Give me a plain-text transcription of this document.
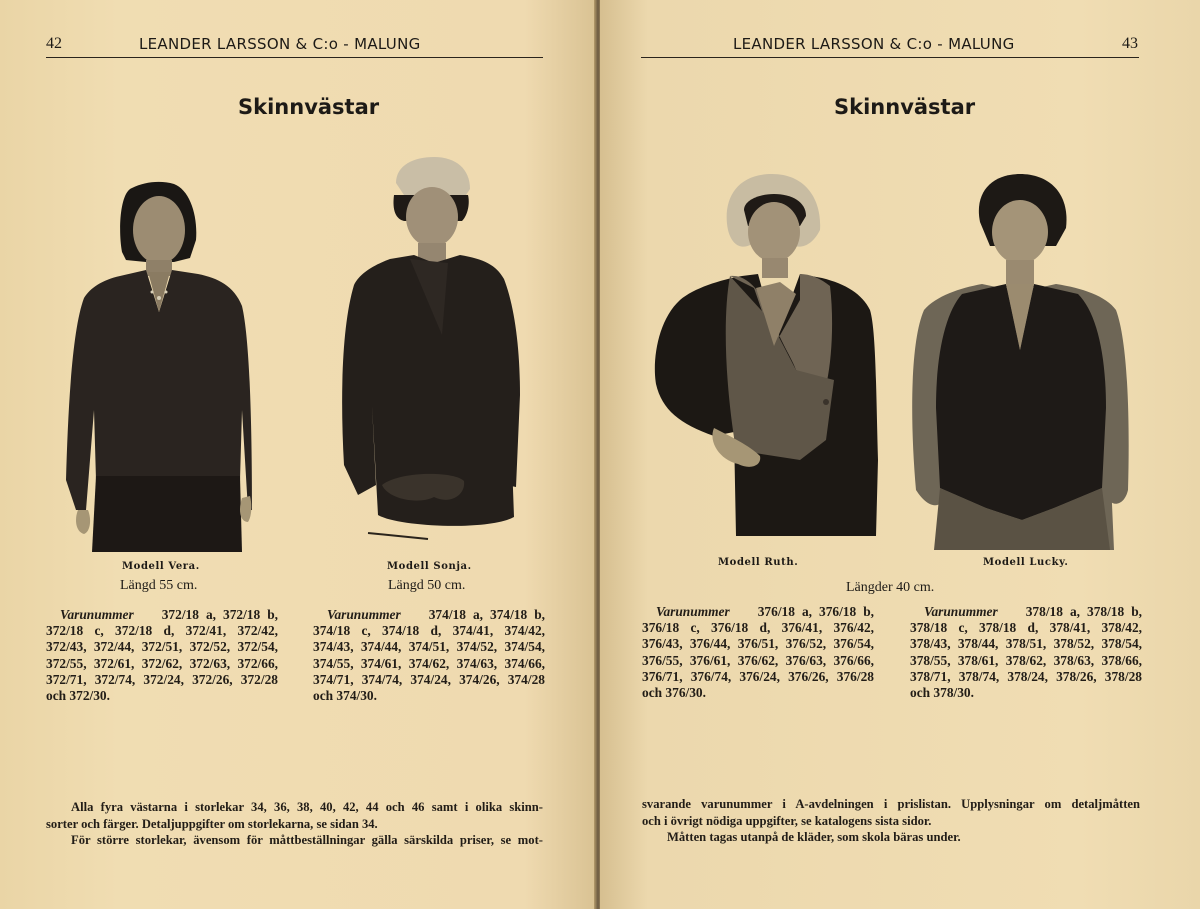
42	LEANDER LARSSON & C:o - MALUNG
Skinnvästar
Modell Vera.
Längd 55 cm.
Modell Sonja.
Längd 50 cm.
Varunummer 372/18 a, 372/18 b,
372/18 c, 372/18 d, 372/41, 372/42,
372/43, 372/44, 372/51, 372/52, 372/54,
372/55, 372/61, 372/62, 372/63, 372/66,
372/71, 372/74, 372/24, 372/26, 372/28
och 372/30.
Varunummer 374/18 a, 374/18 b,
374/18 c, 374/18 d, 374/41, 374/42,
374/43, 374/44, 374/51, 374/52, 374/54,
374/55, 374/61, 374/62, 374/63, 374/66,
374/71, 374/74, 374/24, 374/26, 374/28
och 374/30.
Alla fyra västarna i storlekar 34, 36, 38, 40, 42, 44 och 46 samt i olika skinn-
sorter och färger. Detaljuppgifter om storlekarna, se sidan 34.
För större storlekar, ävensom för måttbeställningar gälla särskilda priser, se mot-
LEANDER LARSSON & C:o - MALUNG	43
Skinnvästar
Modell Ruth.	Modell Lucky.
Längder 40 cm.
Varunummer 376/18 a, 376/18 b,
376/18 c, 376/18 d, 376/41, 376/42,
376/43, 376/44, 376/51, 376/52, 376/54,
376/55, 376/61, 376/62, 376/63, 376/66,
376/71, 376/74, 376/24, 376/26, 376/28
och 376/30.
Varunummer 378/18 a, 378/18 b,
378/18 c, 378/18 d, 378/41, 378/42,
378/43, 378/44, 378/51, 378/52, 378/54,
378/55, 378/61, 378/62, 378/63, 378/66,
378/71, 378/74, 378/24, 378/26, 378/28
och 378/30.
svarande varunummer i A-avdelningen i prislistan. Upplysningar om detaljmåtten
och i övrigt nödiga uppgifter, se katalogens sista sidor.
Måtten tagas utanpå de kläder, som skola bäras under.
